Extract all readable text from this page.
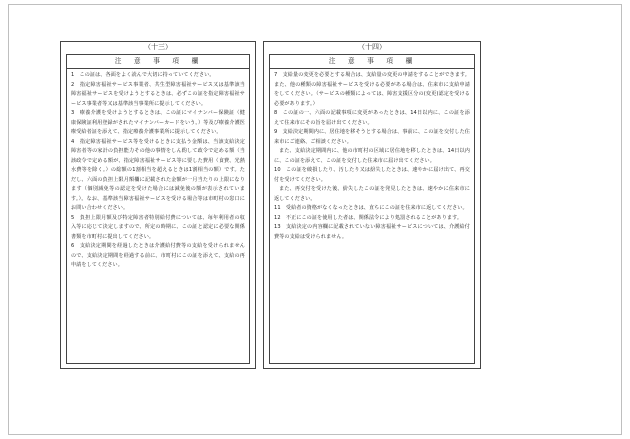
（十三）
注　意　事　項　欄

1　この証は、各面をよく読んで大切に持っていてください。

2　指定障害福祉サービス事業者、共生型障害福祉サービス又は基準該当障害福祉サービスを受けようとするときは、必ずこの証を指定障害福祉サービス事業者等又は基準該当事業所に提示してください。

3　療養介護を受けようとするときは、この証にマイナンバー保険証（健康保険証利用登録がされたマイナンバーカードをいう。）等及び療養介護医療受給者証を添えて、指定療養介護事業所に提示してください。

4　指定障害福祉サービス等を受けるときに支払う金額は、当該支給決定障害者等の家計の負担能力その他の事情をしん酌して政令で定める額（当該政令で定める額が、指定障害福祉サービス等に要した費用（食費、光熱水費等を除く。）の総額の1割相当を超えるときは1割相当の額）です。ただし、六面の負担上限月額欄に記載された金額が一月当たりの上限になります（個別減免等の認定を受けた場合には減免後の額が表示されています。）。なお、基準該当障害福祉サービスを受ける場合等は市町村の窓口にお問い合わせください。

5　負担上限月額及び特定障害者特別給付費については、毎年利用者の収入等に応じて決定しますので、所定の時期に、この証と認定に必要な関係書類を市町村に提出してください。

6　支給決定期間を経過したときは介護給付費等の支給を受けられませんので、支給決定期間を経過する前に、市町村にこの証を添えて、支給の再申請をしてください。

（十四）
注　意　事　項　欄

7　支給量の変更を必要とする場合は、支給量の変更の申請をすることができます。また、他の種類の障害福祉サービスを受ける必要がある場合は、住来市に支給申請をしてください。（サービスの種類によっては、障害支援区分の(変更)認定を受ける必要があります。）

8　この証の一、六面の記載事項に変更があったときは、14日以内に、この証を添えて住来市にその旨を届け出てください。

9　支給決定期間内に、居住地を移そうとする場合は、事前に、この証を交付した住来市にご連絡、ご相談ください。

また、支給決定期間内に、他の市町村の区域に居住地を移したときは、14日以内に、この証を添えて、この証を交付した住来市に届け出てください。

10　この証を破損したり、汚したり又は紛失したときは、速やかに届け出て、再交付を受けてください。

また、再交付を受けた後、紛失したこの証を発見したときは、速やかに住来市に返してください。

11　受給者の資格がなくなったときは、直ちにこの証を住来市に返してください。

12　不正にこの証を使用した者は、関係法令により処罰されることがあります。

13　支給決定の内容欄に記載されていない障害福祉サービスについては、介護給付費等の支給は受けられません。
